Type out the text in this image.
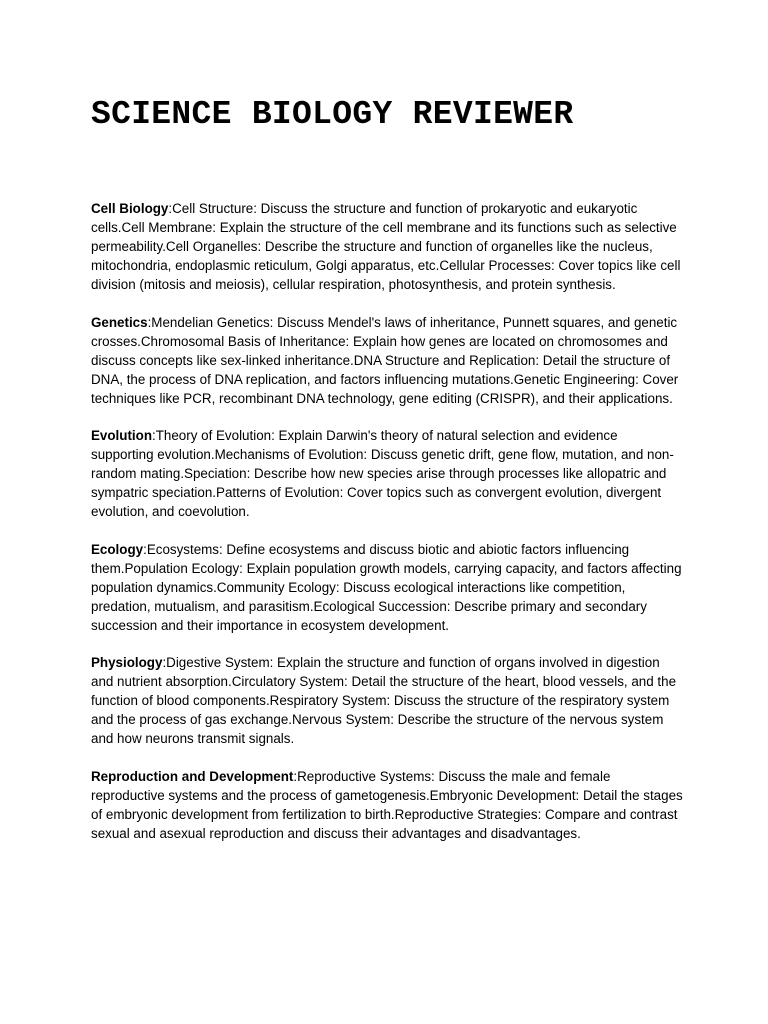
SCIENCE BIOLOGY REVIEWER

Cell Biology:Cell Structure: Discuss the structure and function of prokaryotic and eukaryotic cells.Cell Membrane: Explain the structure of the cell membrane and its functions such as selective permeability.Cell Organelles: Describe the structure and function of organelles like the nucleus, mitochondria, endoplasmic reticulum, Golgi apparatus, etc.Cellular Processes: Cover topics like cell division (mitosis and meiosis), cellular respiration, photosynthesis, and protein synthesis.

Genetics:Mendelian Genetics: Discuss Mendel's laws of inheritance, Punnett squares, and genetic crosses.Chromosomal Basis of Inheritance: Explain how genes are located on chromosomes and discuss concepts like sex-linked inheritance.DNA Structure and Replication: Detail the structure of DNA, the process of DNA replication, and factors influencing mutations.Genetic Engineering: Cover techniques like PCR, recombinant DNA technology, gene editing (CRISPR), and their applications.

Evolution:Theory of Evolution: Explain Darwin's theory of natural selection and evidence supporting evolution.Mechanisms of Evolution: Discuss genetic drift, gene flow, mutation, and non-random mating.Speciation: Describe how new species arise through processes like allopatric and sympatric speciation.Patterns of Evolution: Cover topics such as convergent evolution, divergent evolution, and coevolution.

Ecology:Ecosystems: Define ecosystems and discuss biotic and abiotic factors influencing them.Population Ecology: Explain population growth models, carrying capacity, and factors affecting population dynamics.Community Ecology: Discuss ecological interactions like competition, predation, mutualism, and parasitism.Ecological Succession: Describe primary and secondary succession and their importance in ecosystem development.

Physiology:Digestive System: Explain the structure and function of organs involved in digestion and nutrient absorption.Circulatory System: Detail the structure of the heart, blood vessels, and the function of blood components.Respiratory System: Discuss the structure of the respiratory system and the process of gas exchange.Nervous System: Describe the structure of the nervous system and how neurons transmit signals.

Reproduction and Development:Reproductive Systems: Discuss the male and female reproductive systems and the process of gametogenesis.Embryonic Development: Detail the stages of embryonic development from fertilization to birth.Reproductive Strategies: Compare and contrast sexual and asexual reproduction and discuss their advantages and disadvantages.
